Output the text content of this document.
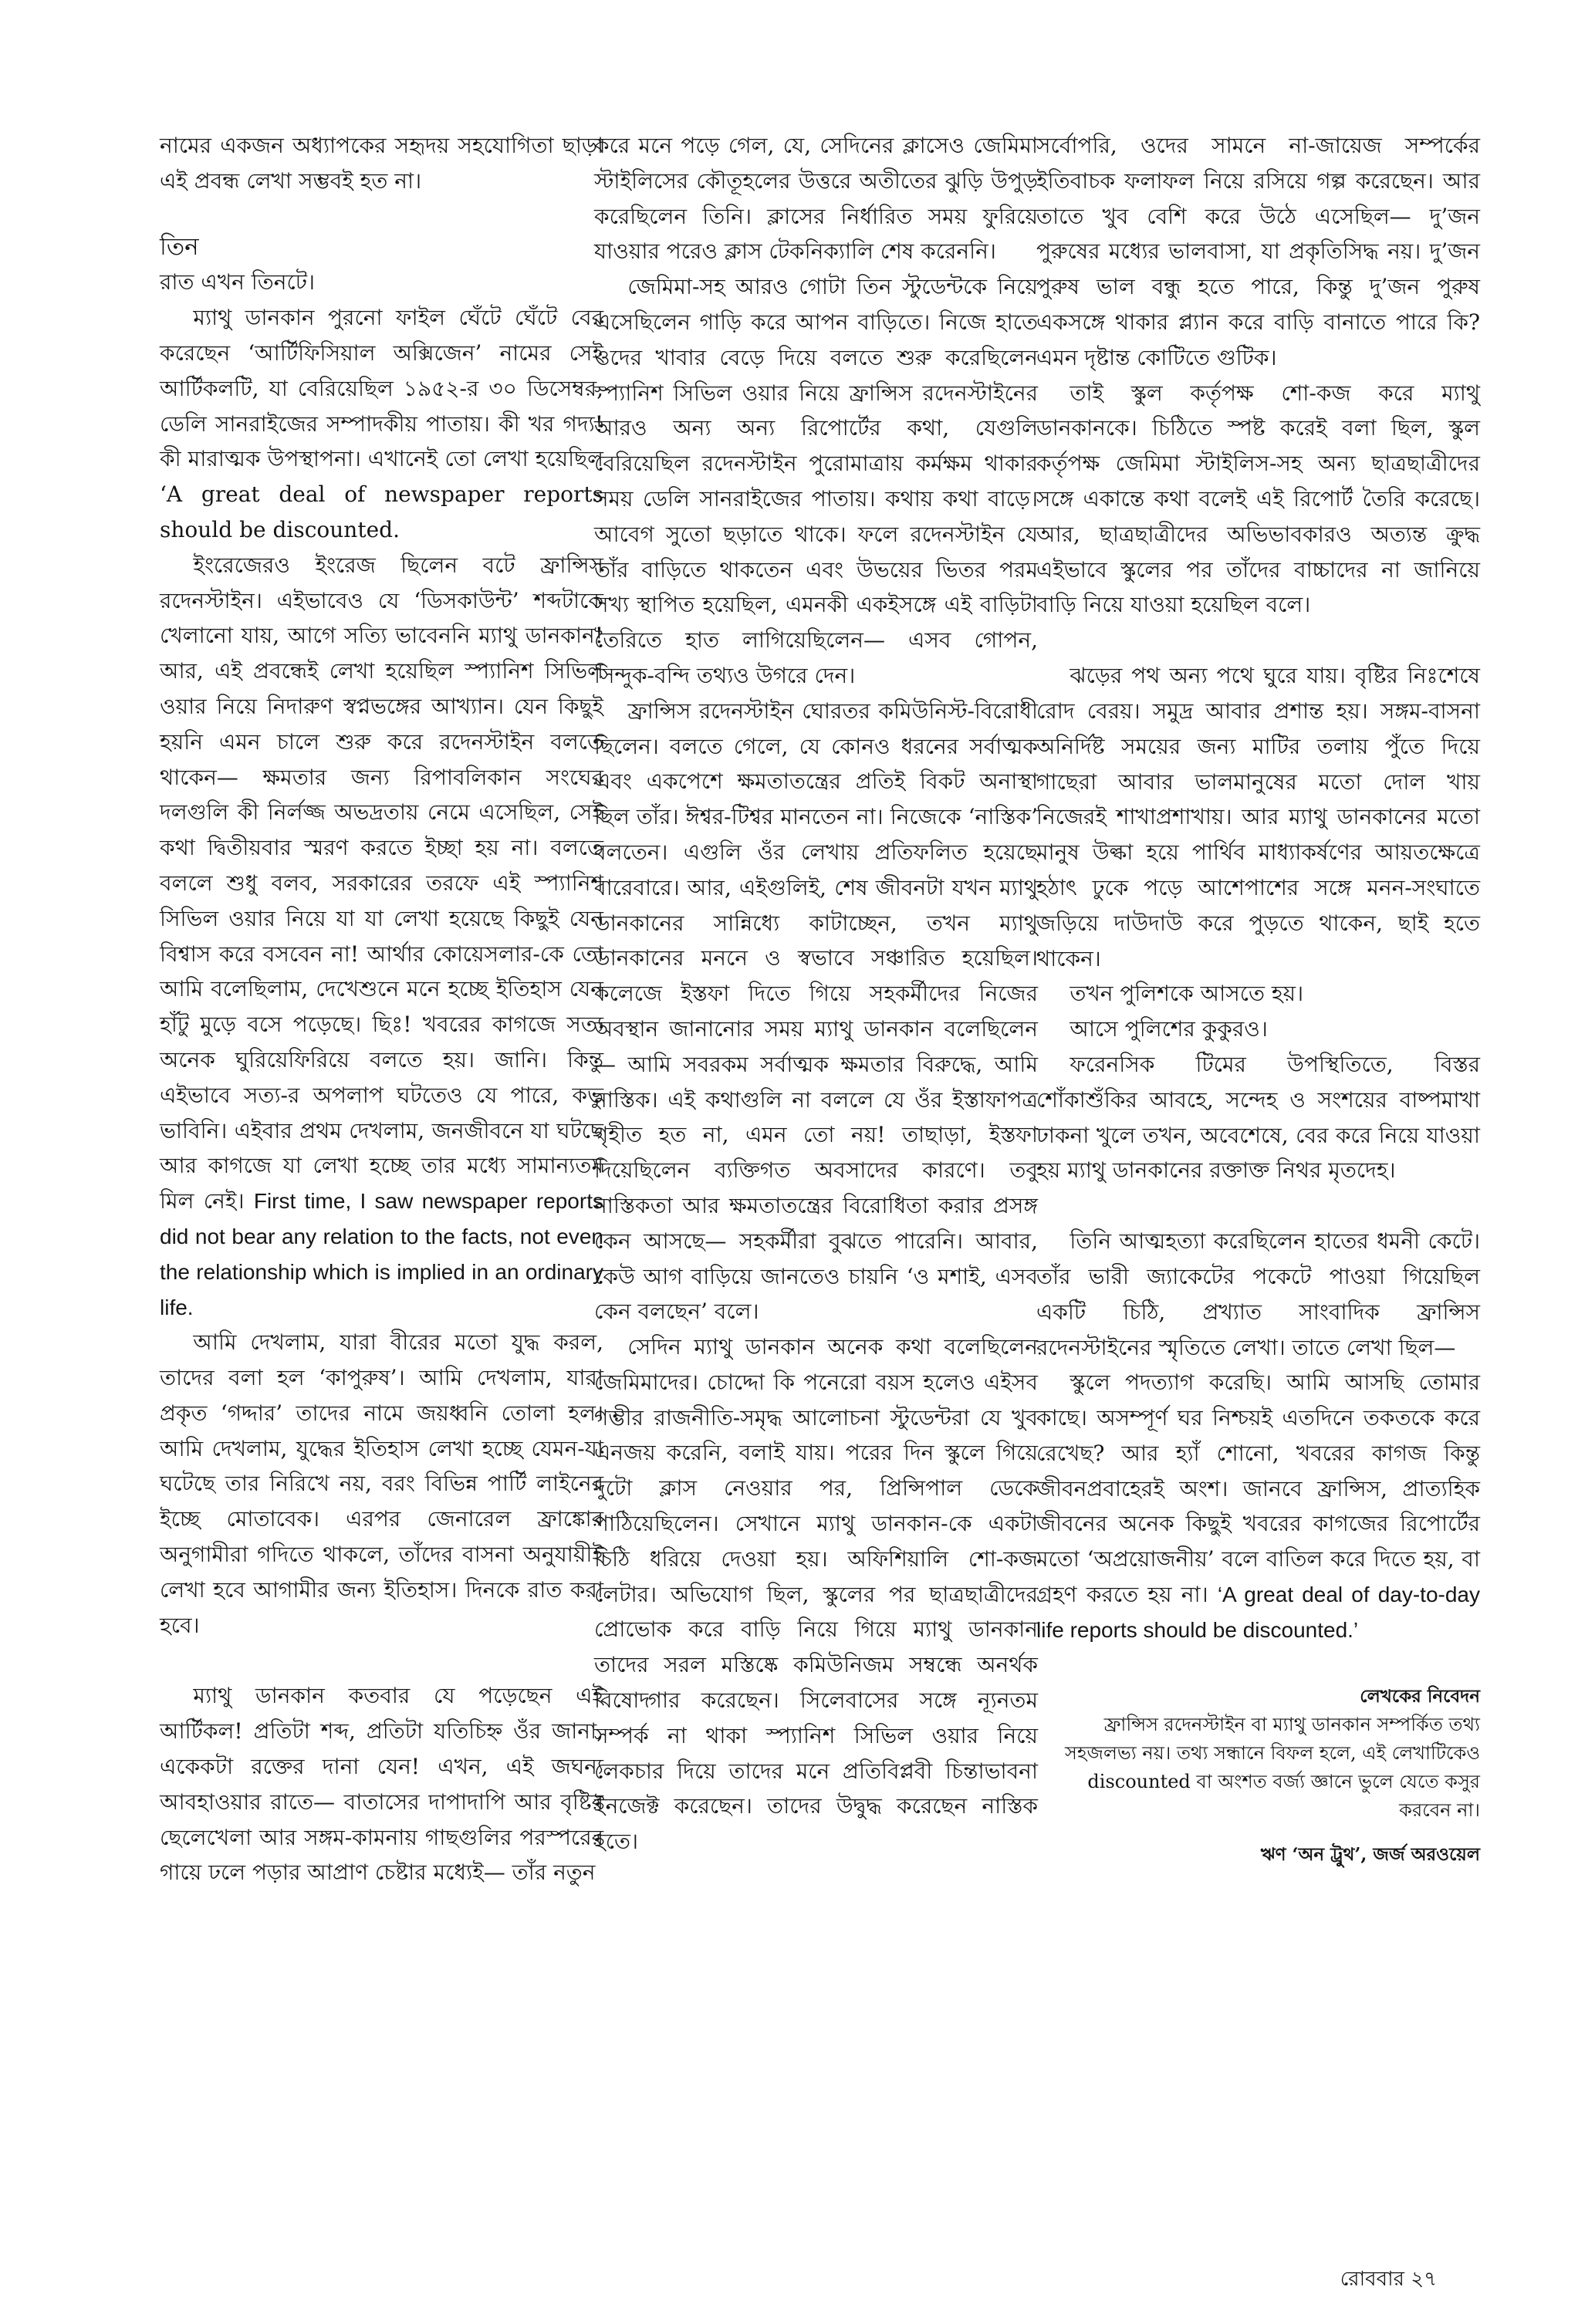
নামের একজন অধ্যাপকের সহৃদয় সহযোগিতা ছাড়া এই প্রবন্ধ লেখা সম্ভবই হত না।

তিন

রাত এখন তিনটে।

ম্যাথু ডানকান পুরনো ফাইল ঘেঁটে ঘেঁটে বের করেছেন ‘আর্টিফিসিয়াল অক্সিজেন’ নামের সেই আর্টিকলটি, যা বেরিয়েছিল ১৯৫২-র ৩০ ডিসেম্বর, ডেলি সানরাইজের সম্পাদকীয় পাতায়। কী খর গদ্য! কী মারাত্মক উপস্থাপনা। এখানেই তো লেখা হয়েছিল ‘A great deal of newspaper reports should be discounted.

ইংরেজেরও ইংরেজ ছিলেন বটে ফ্রান্সিস রদেনস্টাইন। এইভাবেও যে ‘ডিসকাউন্ট’ শব্দটাকে খেলানো যায়, আগে সত্যি ভাবেননি ম্যাথু ডানকান! আর, এই প্রবন্ধেই লেখা হয়েছিল স্প্যানিশ সিভিল ওয়ার নিয়ে নিদারুণ স্বপ্নভঙ্গের আখ্যান। যেন কিছুই হয়নি এমন চালে শুরু করে রদেনস্টাইন বলতে থাকেন— ক্ষমতার জন্য রিপাবলিকান সংঘের দলগুলি কী নির্লজ্জ অভদ্রতায় নেমে এসেছিল, সেই কথা দ্বিতীয়বার স্মরণ করতে ইচ্ছা হয় না। বলতে বললে শুধু বলব, সরকারের তরফে এই স্প্যানিশ সিভিল ওয়ার নিয়ে যা যা লেখা হয়েছে কিছুই যেন বিশ্বাস করে বসবেন না! আর্থার কোয়েসলার-কে তো আমি বলেছিলাম, দেখেশুনে মনে হচ্ছে ইতিহাস যেন হাঁটু মুড়ে বসে পড়েছে। ছিঃ! খবরের কাগজে সত্য অনেক ঘুরিয়েফিরিয়ে বলতে হয়। জানি। কিন্তু এইভাবে সত্য-র অপলাপ ঘটতেও যে পারে, কভু ভাবিনি। এইবার প্রথম দেখলাম, জনজীবনে যা ঘটছে আর কাগজে যা লেখা হচ্ছে তার মধ্যে সামান্যতম মিল নেই। First time, I saw newspaper reports did not bear any relation to the facts, not even the relationship which is implied in an ordinary life.

আমি দেখলাম, যারা বীরের মতো যুদ্ধ করল, তাদের বলা হল ‘কাপুরুষ’। আমি দেখলাম, যারা প্রকৃত ‘গদ্দার’ তাদের নামে জয়ধ্বনি তোলা হল। আমি দেখলাম, যুদ্ধের ইতিহাস লেখা হচ্ছে যেমন-যা ঘটেছে তার নিরিখে নয়, বরং বিভিন্ন পার্টি লাইনের ইচ্ছে মোতাবেক। এরপর জেনারেল ফ্রাঙ্কোর অনুগামীরা গদিতে থাকলে, তাঁদের বাসনা অনুযায়ীই লেখা হবে আগামীর জন্য ইতিহাস। দিনকে রাত করা হবে।

ম্যাথু ডানকান কতবার যে পড়েছেন এই আর্টিকল! প্রতিটা শব্দ, প্রতিটা যতিচিহ্ন ওঁর জানা, একেকটা রক্তের দানা যেন! এখন, এই জঘন্য আবহাওয়ার রাতে— বাতাসের দাপাদাপি আর বৃষ্টির ছেলেখেলা আর সঙ্গম-কামনায় গাছগুলির পরস্পরের গায়ে ঢলে পড়ার আপ্রাণ চেষ্টার মধ্যেই— তাঁর নতুন

করে মনে পড়ে গেল, যে, সেদিনের ক্লাসেও জেমিমা স্টাইলিসের কৌতূহলের উত্তরে অতীতের ঝুড়ি উপুড় করেছিলেন তিনি। ক্লাসের নির্ধারিত সময় ফুরিয়ে যাওয়ার পরেও ক্লাস টেকনিক্যালি শেষ করেননি।

জেমিমা-সহ আরও গোটা তিন স্টুডেন্টকে নিয়ে এসেছিলেন গাড়ি করে আপন বাড়িতে। নিজে হাতে ওদের খাবার বেড়ে দিয়ে বলতে শুরু করেছিলেন স্প্যানিশ সিভিল ওয়ার নিয়ে ফ্রান্সিস রদেনস্টাইনের আরও অন্য অন্য রিপোর্টের কথা, যেগুলি বেরিয়েছিল রদেনস্টাইন পুরোমাত্রায় কর্মক্ষম থাকার সময় ডেলি সানরাইজের পাতায়। কথায় কথা বাড়ে। আবেগ সুতো ছড়াতে থাকে। ফলে রদেনস্টাইন যে তাঁর বাড়িতে থাকতেন এবং উভয়ের ভিতর পরম সখ্য স্থাপিত হয়েছিল, এমনকী একইসঙ্গে এই বাড়িটা তৈরিতে হাত লাগিয়েছিলেন— এসব গোপন, সিন্দুক-বন্দি তথ্যও উগরে দেন।

ফ্রান্সিস রদেনস্টাইন ঘোরতর কমিউনিস্ট-বিরোধী ছিলেন। বলতে গেলে, যে কোনও ধরনের সর্বাত্মক এবং একপেশে ক্ষমতাতন্ত্রের প্রতিই বিকট অনাস্থা ছিল তাঁর। ঈশ্বর-টিশ্বর মানতেন না। নিজেকে ‘নাস্তিক’ বলতেন। এগুলি ওঁর লেখায় প্রতিফলিত হয়েছে বারেবারে। আর, এইগুলিই, শেষ জীবনটা যখন ম্যাথু ডানকানের সান্নিধ্যে কাটাচ্ছেন, তখন ম্যাথু ডানকানের মননে ও স্বভাবে সঞ্চারিত হয়েছিল। কলেজে ইস্তফা দিতে গিয়ে সহকর্মীদের নিজের অবস্থান জানানোর সময় ম্যাথু ডানকান বলেছিলেন— আমি সবরকম সর্বাত্মক ক্ষমতার বিরুদ্ধে, আমি নাস্তিক। এই কথাগুলি না বললে যে ওঁর ইস্তাফাপত্র গৃহীত হত না, এমন তো নয়! তাছাড়া, ইস্তফা দিয়েছিলেন ব্যক্তিগত অবসাদের কারণে। তবু নাস্তিকতা আর ক্ষমতাতন্ত্রের বিরোধিতা করার প্রসঙ্গ কেন আসছে— সহকর্মীরা বুঝতে পারেনি। আবার, কেউ আগ বাড়িয়ে জানতেও চায়নি ‘ও মশাই, এসব কেন বলছেন’ বলে।

সেদিন ম্যাথু ডানকান অনেক কথা বলেছিলেন জেমিমাদের। চোদ্দো কি পনেরো বয়স হলেও এইসব গম্ভীর রাজনীতি-সমৃদ্ধ আলোচনা স্টুডেন্টরা যে খুব এনজয় করেনি, বলাই যায়। পরের দিন স্কুলে গিয়ে দুটো ক্লাস নেওয়ার পর, প্রিন্সিপাল ডেকে পাঠিয়েছিলেন। সেখানে ম্যাথু ডানকান-কে একটা চিঠি ধরিয়ে দেওয়া হয়। অফিশিয়ালি শো-কজ লেটার। অভিযোগ ছিল, স্কুলের পর ছাত্রছাত্রীদের প্রোভোক করে বাড়ি নিয়ে গিয়ে ম্যাথু ডানকান তাদের সরল মস্তিষ্কে কমিউনিজম সম্বন্ধে অনর্থক বিষোদ্গার করেছেন। সিলেবাসের সঙ্গে ন্যূনতম সম্পর্ক না থাকা স্প্যানিশ সিভিল ওয়ার নিয়ে লেকচার দিয়ে তাদের মনে প্রতিবিপ্লবী চিন্তাভাবনা ইনজেক্ট করেছেন। তাদের উদ্বুদ্ধ করেছেন নাস্তিক হতে।

সর্বোপরি, ওদের সামনে না-জায়েজ সম্পর্কের ইতিবাচক ফলাফল নিয়ে রসিয়ে গল্প করেছেন। আর তাতে খুব বেশি করে উঠে এসেছিল— দু’জন পুরুষের মধ্যের ভালবাসা, যা প্রকৃতিসিদ্ধ নয়। দু’জন পুরুষ ভাল বন্ধু হতে পারে, কিন্তু দু’জন পুরুষ একসঙ্গে থাকার প্ল্যান করে বাড়ি বানাতে পারে কি? এমন দৃষ্টান্ত কোটিতে গুটিক।

তাই স্কুল কর্তৃপক্ষ শো-কজ করে ম্যাথু ডানকানকে। চিঠিতে স্পষ্ট করেই বলা ছিল, স্কুল কর্তৃপক্ষ জেমিমা স্টাইলিস-সহ অন্য ছাত্রছাত্রীদের সঙ্গে একান্তে কথা বলেই এই রিপোর্ট তৈরি করেছে। আর, ছাত্রছাত্রীদের অভিভাবকারও অত্যন্ত ক্রুদ্ধ এইভাবে স্কুলের পর তাঁদের বাচ্চাদের না জানিয়ে বাড়ি নিয়ে যাওয়া হয়েছিল বলে।

ঝড়ের পথ অন্য পথে ঘুরে যায়। বৃষ্টির নিঃশেষে রোদ বেরয়। সমুদ্র আবার প্রশান্ত হয়। সঙ্গম-বাসনা অনির্দিষ্ট সময়ের জন্য মাটির তলায় পুঁতে দিয়ে গাছেরা আবার ভালমানুষের মতো দোল খায় নিজেরই শাখাপ্রশাখায়। আর ম্যাথু ডানকানের মতো মানুষ উল্কা হয়ে পার্থিব মাধ্যাকর্ষণের আয়তক্ষেত্রে হঠাৎ ঢুকে পড়ে আশেপাশের সঙ্গে মনন-সংঘাতে জড়িয়ে দাউদাউ করে পুড়তে থাকেন, ছাই হতে থাকেন।

তখন পুলিশকে আসতে হয়।

আসে পুলিশের কুকুরও।

ফরেনসিক টিমের উপস্থিতিতে, বিস্তর শোঁকাশুঁকির আবহে, সন্দেহ ও সংশয়ের বাষ্পমাখা ঢাকনা খুলে তখন, অবেশেষে, বের করে নিয়ে যাওয়া হয় ম্যাথু ডানকানের রক্তাক্ত নিথর মৃতদেহ।

তিনি আত্মহত্যা করেছিলেন হাতের ধমনী কেটে। তাঁর ভারী জ্যাকেটের পকেটে পাওয়া গিয়েছিল একটি চিঠি, প্রখ্যাত সাংবাদিক ফ্রান্সিস রদেনস্টাইনের স্মৃতিতে লেখা। তাতে লেখা ছিল—

স্কুলে পদত্যাগ করেছি। আমি আসছি তোমার কাছে। অসম্পূর্ণ ঘর নিশ্চয়ই এতদিনে তকতকে করে রেখেছ? আর হ্যাঁ শোনো, খবরের কাগজ কিন্তু জীবনপ্রবাহেরই অংশ। জানবে ফ্রান্সিস, প্রাত্যহিক জীবনের অনেক কিছুই খবরের কাগজের রিপোর্টের মতো ‘অপ্রয়োজনীয়’ বলে বাতিল করে দিতে হয়, বা গ্রহণ করতে হয় না। ‘A great deal of day-to-day life reports should be discounted.’

লেখকের নিবেদন
ফ্রান্সিস রদেনস্টাইন বা ম্যাথু ডানকান সম্পর্কিত তথ্য সহজলভ্য নয়। তথ্য সন্ধানে বিফল হলে, এই লেখাটিকেও discounted বা অংশত বর্জ্য জ্ঞানে ভুলে যেতে কসুর করবেন না।
ঋণ ‘অন ট্রুথ’, জর্জ অরওয়েল
রোববার ২৭
